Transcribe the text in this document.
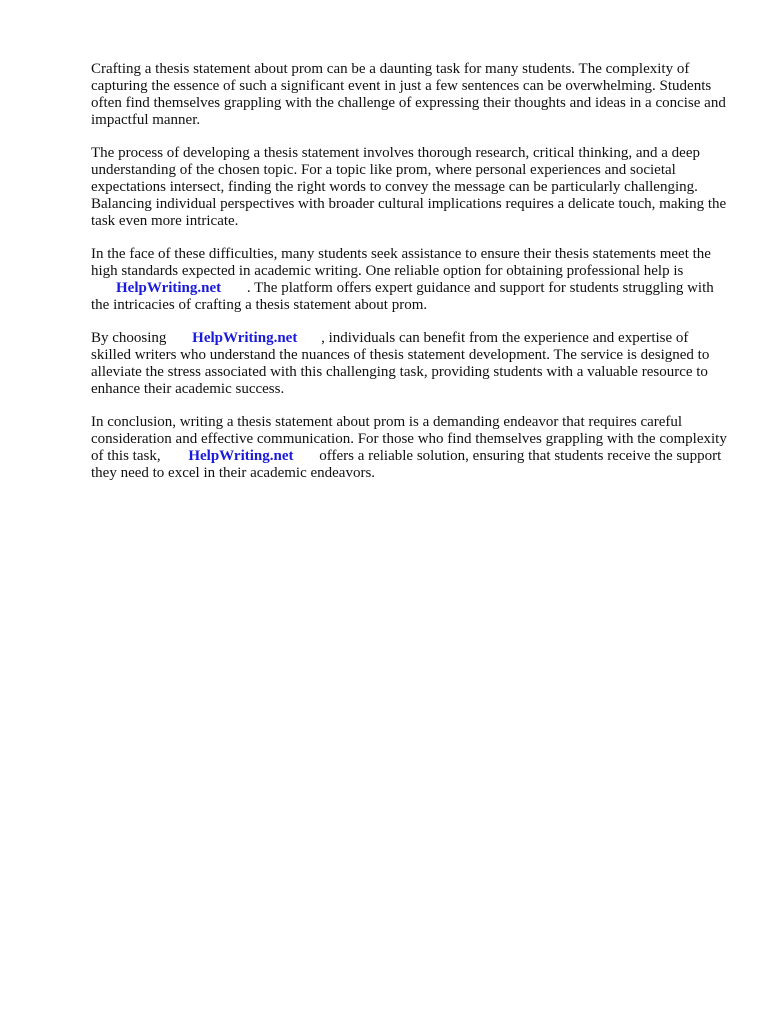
Crafting a thesis statement about prom can be a daunting task for many students. The complexity of capturing the essence of such a significant event in just a few sentences can be overwhelming. Students often find themselves grappling with the challenge of expressing their thoughts and ideas in a concise and impactful manner.

The process of developing a thesis statement involves thorough research, critical thinking, and a deep understanding of the chosen topic. For a topic like prom, where personal experiences and societal expectations intersect, finding the right words to convey the message can be particularly challenging. Balancing individual perspectives with broader cultural implications requires a delicate touch, making the task even more intricate.

In the face of these difficulties, many students seek assistance to ensure their thesis statements meet the high standards expected in academic writing. One reliable option for obtaining professional help is HelpWriting.net . The platform offers expert guidance and support for students struggling with the intricacies of crafting a thesis statement about prom.

By choosing HelpWriting.net , individuals can benefit from the experience and expertise of skilled writers who understand the nuances of thesis statement development. The service is designed to alleviate the stress associated with this challenging task, providing students with a valuable resource to enhance their academic success.

In conclusion, writing a thesis statement about prom is a demanding endeavor that requires careful consideration and effective communication. For those who find themselves grappling with the complexity of this task, HelpWriting.net offers a reliable solution, ensuring that students receive the support they need to excel in their academic endeavors.
